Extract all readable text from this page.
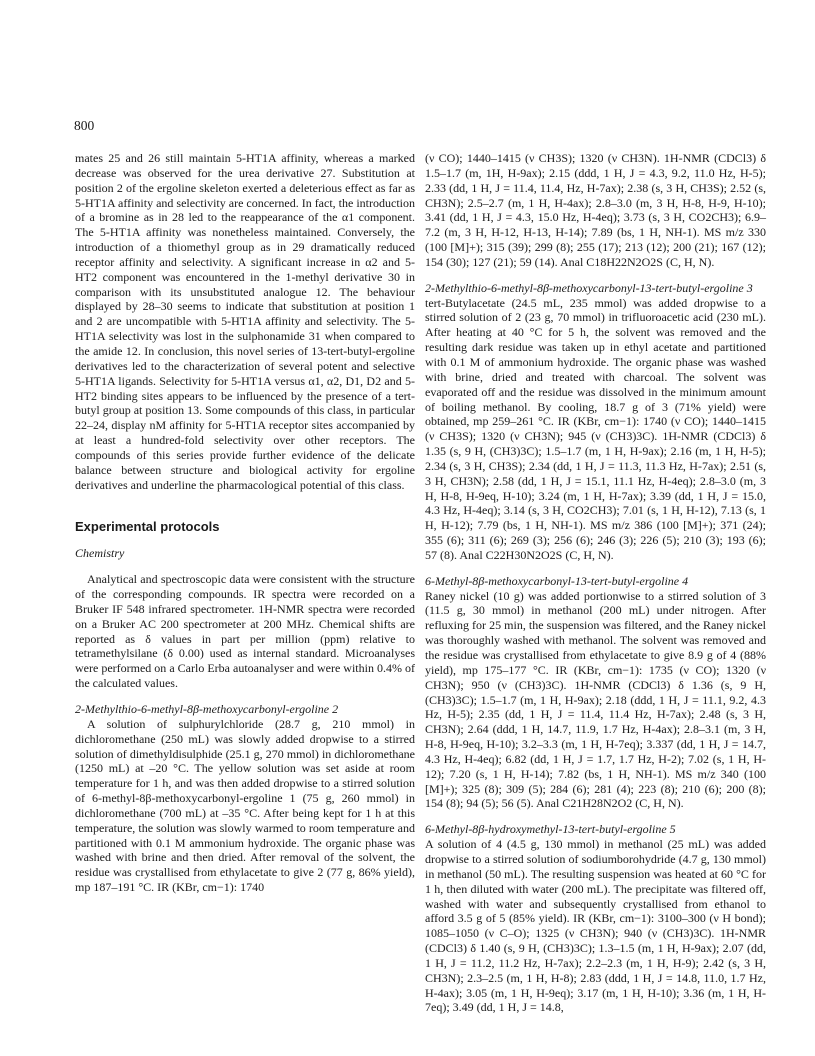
800

mates 25 and 26 still maintain 5-HT1A affinity, whereas a marked decrease was observed for the urea derivative 27. Substitution at position 2 of the ergoline skeleton exerted a deleterious effect as far as 5-HT1A affinity and selectivity are concerned. In fact, the introduction of a bromine as in 28 led to the reappearance of the α1 component. The 5-HT1A affinity was nonetheless maintained. Conversely, the introduction of a thiomethyl group as in 29 dramatically reduced receptor affinity and selectivity. A significant increase in α2 and 5-HT2 component was encountered in the 1-methyl derivative 30 in comparison with its unsubstituted analogue 12. The behaviour displayed by 28–30 seems to indicate that substitution at position 1 and 2 are uncompatible with 5-HT1A affinity and selectivity. The 5-HT1A selectivity was lost in the sulphonamide 31 when compared to the amide 12. In conclusion, this novel series of 13-tert-butyl-ergoline derivatives led to the characterization of several potent and selective 5-HT1A ligands. Selectivity for 5-HT1A versus α1, α2, D1, D2 and 5-HT2 binding sites appears to be influenced by the presence of a tert-butyl group at position 13. Some compounds of this class, in particular 22–24, display nM affinity for 5-HT1A receptor sites accompanied by at least a hundred-fold selectivity over other receptors. The compounds of this series provide further evidence of the delicate balance between structure and biological activity for ergoline derivatives and underline the pharmacological potential of this class.

Experimental protocols
Chemistry

Analytical and spectroscopic data were consistent with the structure of the corresponding compounds. IR spectra were recorded on a Bruker IF 548 infrared spectrometer. 1H-NMR spectra were recorded on a Bruker AC 200 spectrometer at 200 MHz. Chemical shifts are reported as δ values in part per million (ppm) relative to tetramethylsilane (δ 0.00) used as internal standard. Microanalyses were performed on a Carlo Erba autoanalyser and were within 0.4% of the calculated values.

2-Methylthio-6-methyl-8β-methoxycarbonyl-ergoline 2

A solution of sulphurylchloride (28.7 g, 210 mmol) in dichloromethane (250 mL) was slowly added dropwise to a stirred solution of dimethyldisulphide (25.1 g, 270 mmol) in dichloromethane (1250 mL) at –20 °C. The yellow solution was set aside at room temperature for 1 h, and was then added dropwise to a stirred solution of 6-methyl-8β-methoxycarbonyl-ergoline 1 (75 g, 260 mmol) in dichloromethane (700 mL) at –35 °C. After being kept for 1 h at this temperature, the solution was slowly warmed to room temperature and partitioned with 0.1 M ammonium hydroxide. The organic phase was washed with brine and then dried. After removal of the solvent, the residue was crystallised from ethylacetate to give 2 (77 g, 86% yield), mp 187–191 °C. IR (KBr, cm−1): 1740

(ν CO); 1440–1415 (ν CH3S); 1320 (ν CH3N). 1H-NMR (CDCl3) δ 1.5–1.7 (m, 1H, H-9ax); 2.15 (ddd, 1 H, J = 4.3, 9.2, 11.0 Hz, H-5); 2.33 (dd, 1 H, J = 11.4, 11.4, Hz, H-7ax); 2.38 (s, 3 H, CH3S); 2.52 (s, CH3N); 2.5–2.7 (m, 1 H, H-4ax); 2.8–3.0 (m, 3 H, H-8, H-9, H-10); 3.41 (dd, 1 H, J = 4.3, 15.0 Hz, H-4eq); 3.73 (s, 3 H, CO2CH3); 6.9–7.2 (m, 3 H, H-12, H-13, H-14); 7.89 (bs, 1 H, NH-1). MS m/z 330 (100 [M]+); 315 (39); 299 (8); 255 (17); 213 (12); 200 (21); 167 (12); 154 (30); 127 (21); 59 (14). Anal C18H22N2O2S (C, H, N).

2-Methylthio-6-methyl-8β-methoxycarbonyl-13-tert-butyl-ergoline 3

tert-Butylacetate (24.5 mL, 235 mmol) was added dropwise to a stirred solution of 2 (23 g, 70 mmol) in trifluoroacetic acid (230 mL). After heating at 40 °C for 5 h, the solvent was removed and the resulting dark residue was taken up in ethyl acetate and partitioned with 0.1 M of ammonium hydroxide. The organic phase was washed with brine, dried and treated with charcoal. The solvent was evaporated off and the residue was dissolved in the minimum amount of boiling methanol. By cooling, 18.7 g of 3 (71% yield) were obtained, mp 259–261 °C. IR (KBr, cm−1): 1740 (ν CO); 1440–1415 (ν CH3S); 1320 (ν CH3N); 945 (ν (CH3)3C). 1H-NMR (CDCl3) δ 1.35 (s, 9 H, (CH3)3C); 1.5–1.7 (m, 1 H, H-9ax); 2.16 (m, 1 H, H-5); 2.34 (s, 3 H, CH3S); 2.34 (dd, 1 H, J = 11.3, 11.3 Hz, H-7ax); 2.51 (s, 3 H, CH3N); 2.58 (dd, 1 H, J = 15.1, 11.1 Hz, H-4eq); 2.8–3.0 (m, 3 H, H-8, H-9eq, H-10); 3.24 (m, 1 H, H-7ax); 3.39 (dd, 1 H, J = 15.0, 4.3 Hz, H-4eq); 3.14 (s, 3 H, CO2CH3); 7.01 (s, 1 H, H-12), 7.13 (s, 1 H, H-12); 7.79 (bs, 1 H, NH-1). MS m/z 386 (100 [M]+); 371 (24); 355 (6); 311 (6); 269 (3); 256 (6); 246 (3); 226 (5); 210 (3); 193 (6); 57 (8). Anal C22H30N2O2S (C, H, N).

6-Methyl-8β-methoxycarbonyl-13-tert-butyl-ergoline 4

Raney nickel (10 g) was added portionwise to a stirred solution of 3 (11.5 g, 30 mmol) in methanol (200 mL) under nitrogen. After refluxing for 25 min, the suspension was filtered, and the Raney nickel was thoroughly washed with methanol. The solvent was removed and the residue was crystallised from ethylacetate to give 8.9 g of 4 (88% yield), mp 175–177 °C. IR (KBr, cm−1): 1735 (ν CO); 1320 (ν CH3N); 950 (ν (CH3)3C). 1H-NMR (CDCl3) δ 1.36 (s, 9 H, (CH3)3C); 1.5–1.7 (m, 1 H, H-9ax); 2.18 (ddd, 1 H, J = 11.1, 9.2, 4.3 Hz, H-5); 2.35 (dd, 1 H, J = 11.4, 11.4 Hz, H-7ax); 2.48 (s, 3 H, CH3N); 2.64 (ddd, 1 H, 14.7, 11.9, 1.7 Hz, H-4ax); 2.8–3.1 (m, 3 H, H-8, H-9eq, H-10); 3.2–3.3 (m, 1 H, H-7eq); 3.337 (dd, 1 H, J = 14.7, 4.3 Hz, H-4eq); 6.82 (dd, 1 H, J = 1.7, 1.7 Hz, H-2); 7.02 (s, 1 H, H-12); 7.20 (s, 1 H, H-14); 7.82 (bs, 1 H, NH-1). MS m/z 340 (100 [M]+); 325 (8); 309 (5); 284 (6); 281 (4); 223 (8); 210 (6); 200 (8); 154 (8); 94 (5); 56 (5). Anal C21H28N2O2 (C, H, N).

6-Methyl-8β-hydroxymethyl-13-tert-butyl-ergoline 5

A solution of 4 (4.5 g, 130 mmol) in methanol (25 mL) was added dropwise to a stirred solution of sodiumborohydride (4.7 g, 130 mmol) in methanol (50 mL). The resulting suspension was heated at 60 °C for 1 h, then diluted with water (200 mL). The precipitate was filtered off, washed with water and subsequently crystallised from ethanol to afford 3.5 g of 5 (85% yield). IR (KBr, cm−1): 3100–300 (ν H bond); 1085–1050 (ν C–O); 1325 (ν CH3N); 940 (ν (CH3)3C). 1H-NMR (CDCl3) δ 1.40 (s, 9 H, (CH3)3C); 1.3–1.5 (m, 1 H, H-9ax); 2.07 (dd, 1 H, J = 11.2, 11.2 Hz, H-7ax); 2.2–2.3 (m, 1 H, H-9); 2.42 (s, 3 H, CH3N); 2.3–2.5 (m, 1 H, H-8); 2.83 (ddd, 1 H, J = 14.8, 11.0, 1.7 Hz, H-4ax); 3.05 (m, 1 H, H-9eq); 3.17 (m, 1 H, H-10); 3.36 (m, 1 H, H-7eq); 3.49 (dd, 1 H, J = 14.8,
